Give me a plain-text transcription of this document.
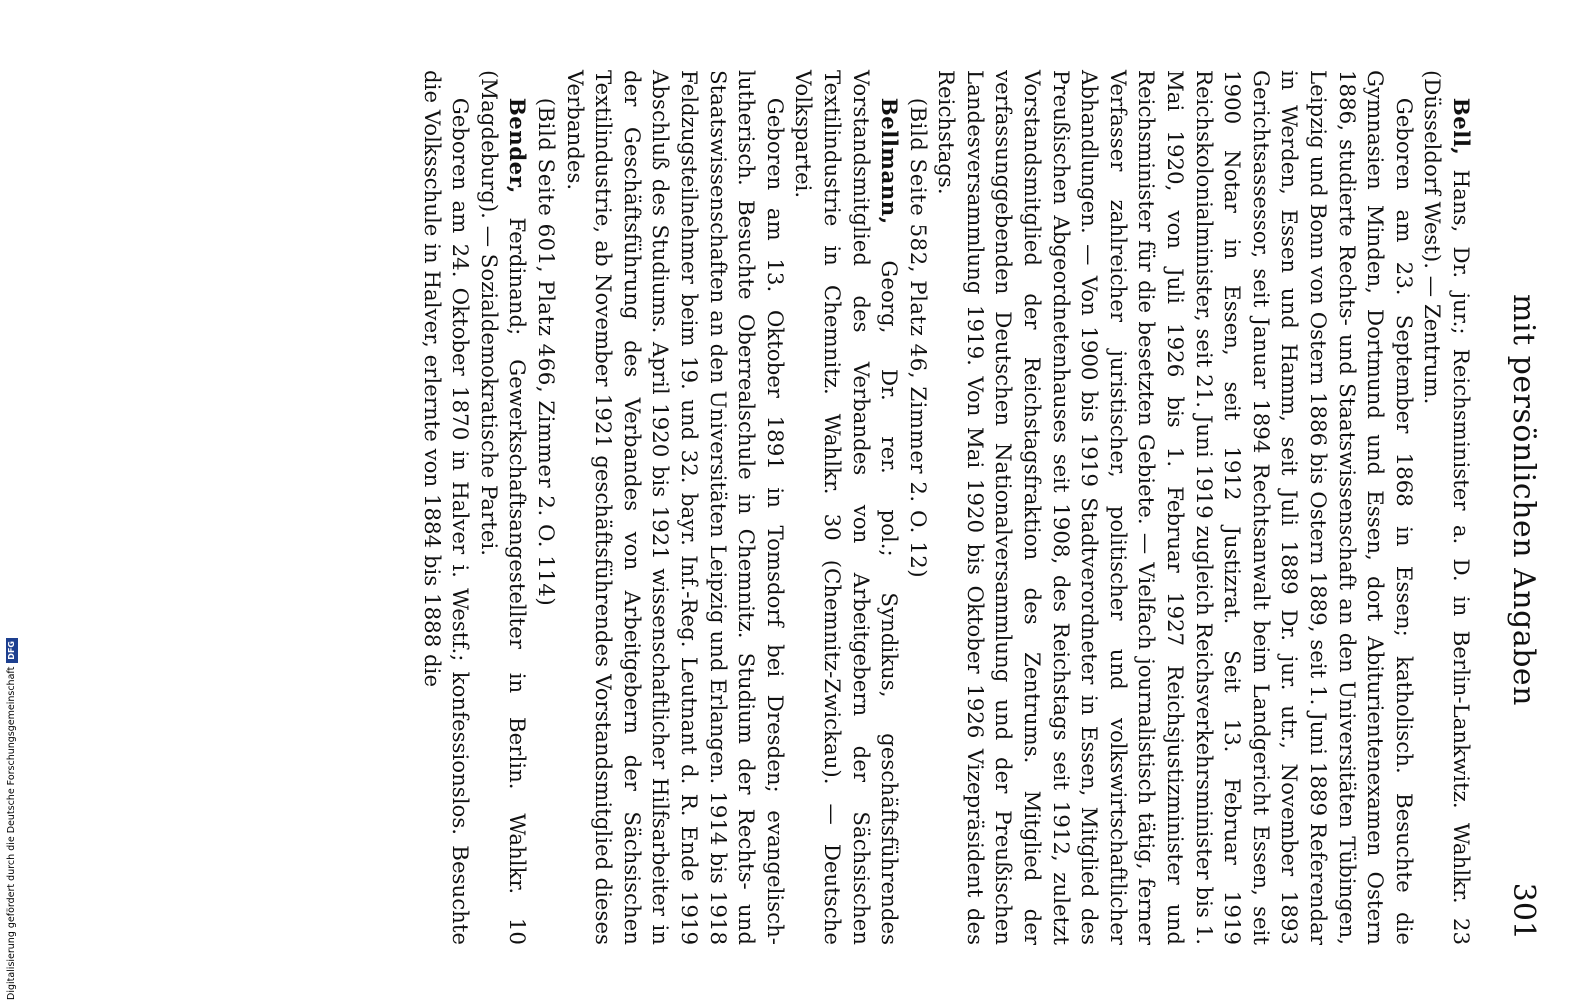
mit persönlichen Angaben
301

Bell, Hans, Dr. jur.; Reichsminister a. D. in Berlin-Lankwitz. Wahlkr. 23 (Düsseldorf West). — Zentrum.

Geboren am 23. September 1868 in Essen; katholisch. Besuchte die Gymnasien Minden, Dortmund und Essen, dort Abiturientenexamen Ostern 1886, studierte Rechts- und Staatswissenschaft an den Universitäten Tübingen, Leipzig und Bonn von Ostern 1886 bis Ostern 1889, seit 1. Juni 1889 Referendar in Werden, Essen und Hamm, seit Juli 1889 Dr. jur. utr., November 1893 Gerichtsassessor, seit Januar 1894 Rechtsanwalt beim Landgericht Essen, seit 1900 Notar in Essen, seit 1912 Justizrat. Seit 13. Februar 1919 Reichskolonialminister, seit 21. Juni 1919 zugleich Reichsverkehrsminister bis 1. Mai 1920, von Juli 1926 bis 1. Februar 1927 Reichsjustizminister und Reichsminister für die besetzten Gebiete. — Vielfach journalistisch tätig, ferner Verfasser zahlreicher juristischer, politischer und volkswirtschaftlicher Abhandlungen. — Von 1900 bis 1919 Stadtverordneter in Essen, Mitglied des Preußischen Abgeordnetenhauses seit 1908, des Reichstags seit 1912, zuletzt Vorstandsmitglied der Reichstagsfraktion des Zentrums. Mitglied der verfassunggebenden Deutschen Nationalversammlung und der Preußischen Landesversammlung 1919. Von Mai 1920 bis Oktober 1926 Vizepräsident des Reichstags.

(Bild Seite 582, Platz 46, Zimmer 2. O. 12)

Bellmann, Georg, Dr. rer. pol.; Syndikus, geschäftsführendes Vorstandsmitglied des Verbandes von Arbeitgebern der Sächsischen Textilindustrie in Chemnitz. Wahlkr. 30 (Chemnitz-Zwickau). — Deutsche Volkspartei.

Geboren am 13. Oktober 1891 in Tomsdorf bei Dresden; evangelisch-lutherisch. Besuchte Oberrealschule in Chemnitz. Studium der Rechts- und Staatswissenschaften an den Universitäten Leipzig und Erlangen. 1914 bis 1918 Feldzugsteilnehmer beim 19. und 32. bayr. Inf.-Reg. Leutnant d. R. Ende 1919 Abschluß des Studiums. April 1920 bis 1921 wissenschaftlicher Hilfsarbeiter in der Geschäftsführung des Verbandes von Arbeitgebern der Sächsischen Textilindustrie, ab November 1921 geschäftsführendes Vorstandsmitglied dieses Verbandes.

(Bild Seite 601, Platz 466, Zimmer 2. O. 114)

Bender, Ferdinand; Gewerkschaftsangestellter in Berlin. Wahlkr. 10 (Magdeburg). — Sozialdemokratische Partei.

Geboren am 24. Oktober 1870 in Halver i. Westf.; konfessionslos. Besuchte die Volksschule in Halver, erlernte von 1884 bis 1888 die

Digitalisierung gefördert durch die Deutsche ForschungsgemeinschaftDFG
